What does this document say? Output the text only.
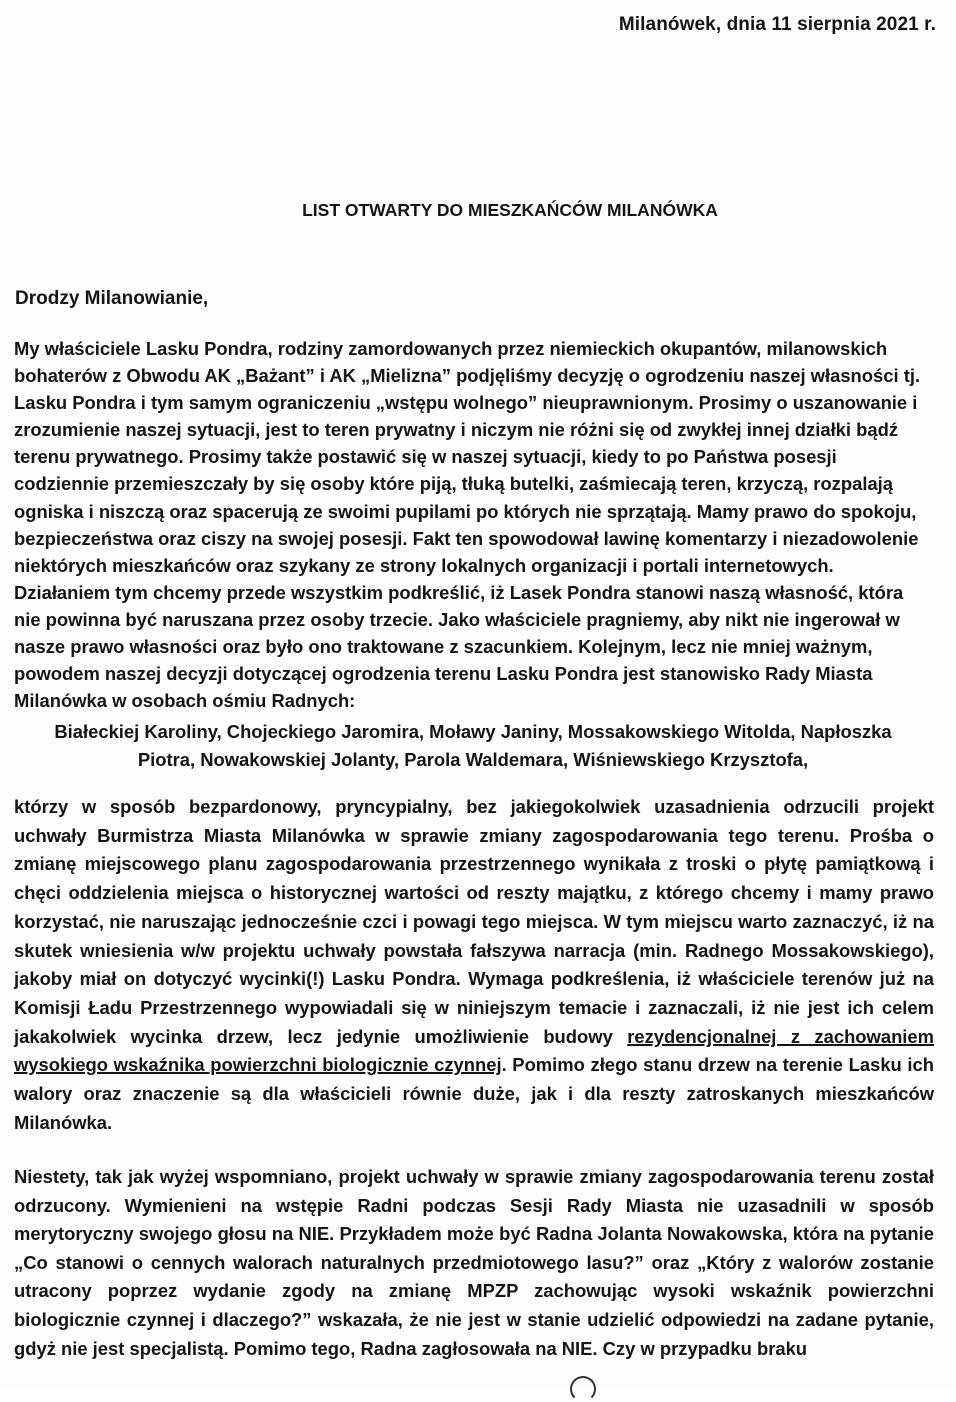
Milanówek, dnia 11 sierpnia 2021 r.
LIST OTWARTY DO MIESZKAŃCÓW MILANÓWKA
Drodzy Milanowianie,
My właściciele Lasku Pondra, rodziny zamordowanych przez niemieckich okupantów, milanowskich bohaterów z Obwodu AK „Bażant” i AK „Mielizna” podjęliśmy decyzję o ogrodzeniu naszej własności tj. Lasku Pondra i tym samym ograniczeniu „wstępu wolnego” nieuprawnionym. Prosimy o uszanowanie i zrozumienie naszej sytuacji, jest to teren prywatny i niczym nie różni się od zwykłej innej działki bądź terenu prywatnego. Prosimy także postawić się w naszej sytuacji, kiedy to po Państwa posesji codziennie przemieszczały by się osoby które piją, tłuką butelki, zaśmiecają teren, krzyczą, rozpalają ogniska i niszczą oraz spacerują ze swoimi pupilami po których nie sprzątają. Mamy prawo do spokoju, bezpieczeństwa oraz ciszy na swojej posesji. Fakt ten spowodował lawinę komentarzy i niezadowolenie niektórych mieszkańców oraz szykany ze strony lokalnych organizacji i portali internetowych. Działaniem tym chcemy przede wszystkim podkreślić, iż Lasek Pondra stanowi naszą własność, która nie powinna być naruszana przez osoby trzecie. Jako właściciele pragniemy, aby nikt nie ingerował w nasze prawo własności oraz było ono traktowane z szacunkiem. Kolejnym, lecz nie mniej ważnym, powodem naszej decyzji dotyczącej ogrodzenia terenu Lasku Pondra jest stanowisko Rady Miasta Milanówka w osobach ośmiu Radnych:
Białeckiej Karoliny, Chojeckiego Jaromira, Moławy Janiny, Mossakowskiego Witolda, Napłoszka
Piotra, Nowakowskiej Jolanty, Parola Waldemara, Wiśniewskiego Krzysztofa,
którzy w sposób bezpardonowy, pryncypialny, bez jakiegokolwiek uzasadnienia odrzucili projekt uchwały Burmistrza Miasta Milanówka w sprawie zmiany zagospodarowania tego terenu. Prośba o zmianę miejscowego planu zagospodarowania przestrzennego wynikała z troski o płytę pamiątkową i chęci oddzielenia miejsca o historycznej wartości od reszty majątku, z którego chcemy i mamy prawo korzystać, nie naruszając jednocześnie czci i powagi tego miejsca. W tym miejscu warto zaznaczyć, iż na skutek wniesienia w/w projektu uchwały powstała fałszywa narracja (min. Radnego Mossakowskiego), jakoby miał on dotyczyć wycinki(!) Lasku Pondra. Wymaga podkreślenia, iż właściciele terenów już na Komisji Ładu Przestrzennego wypowiadali się w niniejszym temacie i zaznaczali, iż nie jest ich celem jakakolwiek wycinka drzew, lecz jedynie umożliwienie budowy rezydencjonalnej z zachowaniem wysokiego wskaźnika powierzchni biologicznie czynnej. Pomimo złego stanu drzew na terenie Lasku ich walory oraz znaczenie są dla właścicieli równie duże, jak i dla reszty zatroskanych mieszkańców Milanówka.
Niestety, tak jak wyżej wspomniano, projekt uchwały w sprawie zmiany zagospodarowania terenu został odrzucony. Wymienieni na wstępie Radni podczas Sesji Rady Miasta nie uzasadnili w sposób merytoryczny swojego głosu na NIE. Przykładem może być Radna Jolanta Nowakowska, która na pytanie „Co stanowi o cennych walorach naturalnych przedmiotowego lasu?” oraz „Który z walorów zostanie utracony poprzez wydanie zgody na zmianę MPZP zachowując wysoki wskaźnik powierzchni biologicznie czynnej i dlaczego?” wskazała, że nie jest w stanie udzielić odpowiedzi na zadane pytanie, gdyż nie jest specjalistą. Pomimo tego, Radna zagłosowała na NIE. Czy w przypadku braku
